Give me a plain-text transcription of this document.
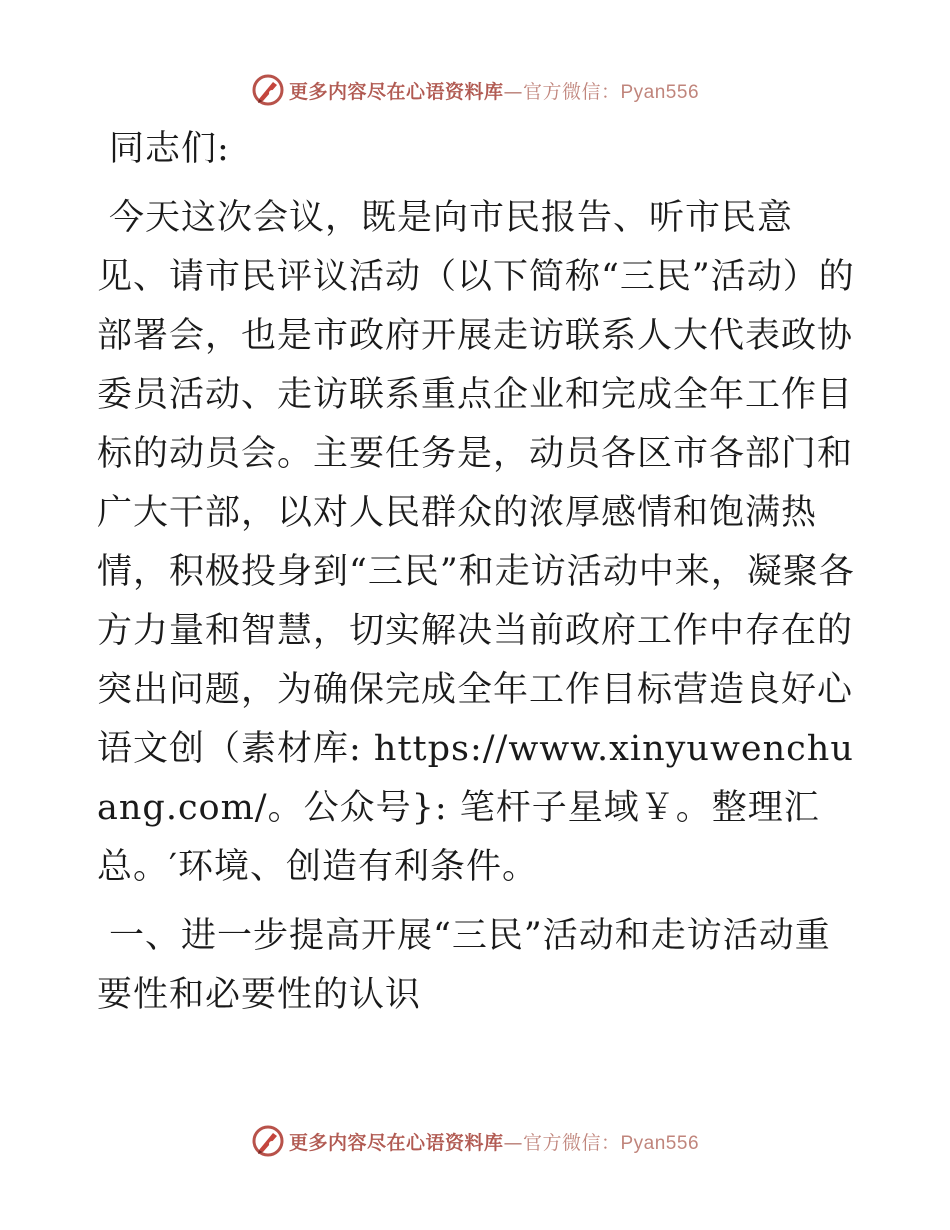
更多内容尽在心语资料库—官方微信：Pyan556

同志们:

今天这次会议，既是向市民报告、听市民意见、请市民评议活动（以下简称“三民”活动）的部署会，也是市政府开展走访联系人大代表政协委员活动、走访联系重点企业和完成全年工作目标的动员会。主要任务是，动员各区市各部门和广大干部，以对人民群众的浓厚感情和饱满热情，积极投身到“三民”和走访活动中来，凝聚各方力量和智慧，切实解决当前政府工作中存在的突出问题，为确保完成全年工作目标营造良好心语文创（素材库: https://www.xinyuwenchuang.com/。公众号}: 笔杆子星域￥。整理汇总。′环境、创造有利条件。

一、进一步提高开展“三民”活动和走访活动重要性和必要性的认识

更多内容尽在心语资料库—官方微信：Pyan556
